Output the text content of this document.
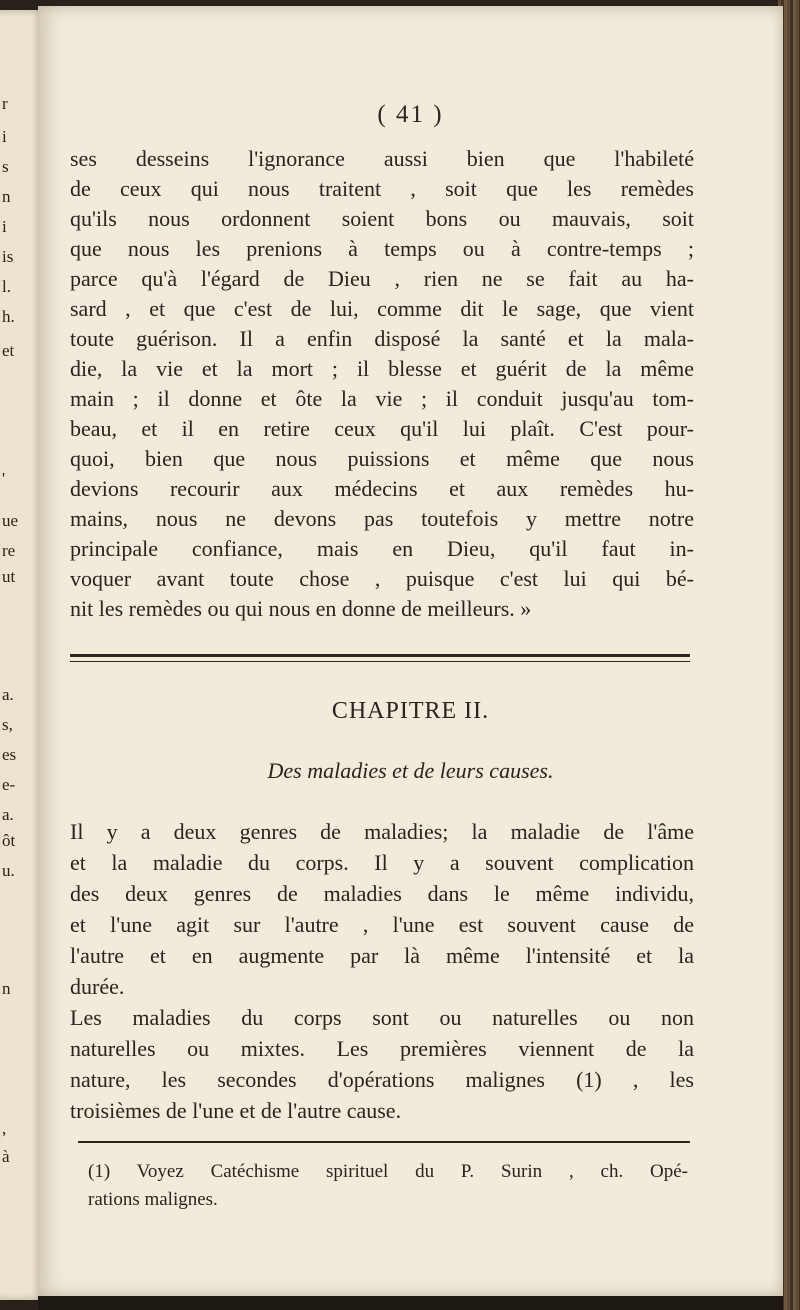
r
i
s
n
i
is
l.
h.
et
'
ue
re
ut
a.
s,
es
e-
a.
ôt
u.
n
,
à
( 41 )
ses desseins l'ignorance aussi bien que l'habileté
de ceux qui nous traitent , soit que les remèdes
qu'ils nous ordonnent soient bons ou mauvais, soit
que nous les prenions à temps ou à contre-temps ;
parce qu'à l'égard de Dieu , rien ne se fait au ha-
sard , et que c'est de lui, comme dit le sage, que vient
toute guérison. Il a enfin disposé la santé et la mala-
die, la vie et la mort ; il blesse et guérit de la même
main ; il donne et ôte la vie ; il conduit jusqu'au tom-
beau, et il en retire ceux qu'il lui plaît. C'est pour-
quoi, bien que nous puissions et même que nous
devions recourir aux médecins et aux remèdes hu-
mains, nous ne devons pas toutefois y mettre notre
principale confiance, mais en Dieu, qu'il faut in-
voquer avant toute chose , puisque c'est lui qui bé-
nit les remèdes ou qui nous en donne de meilleurs. »
CHAPITRE II.
Des maladies et de leurs causes.
Il y a deux genres de maladies; la maladie de l'âme
et la maladie du corps. Il y a souvent complication
des deux genres de maladies dans le même individu,
et l'une agit sur l'autre , l'une est souvent cause de
l'autre et en augmente par là même l'intensité et la
durée.
Les maladies du corps sont ou naturelles ou non
naturelles ou mixtes. Les premières viennent de la
nature, les secondes d'opérations malignes (1) , les
troisièmes de l'une et de l'autre cause.
(1) Voyez Catéchisme spirituel du P. Surin , ch. Opé-
rations malignes.
